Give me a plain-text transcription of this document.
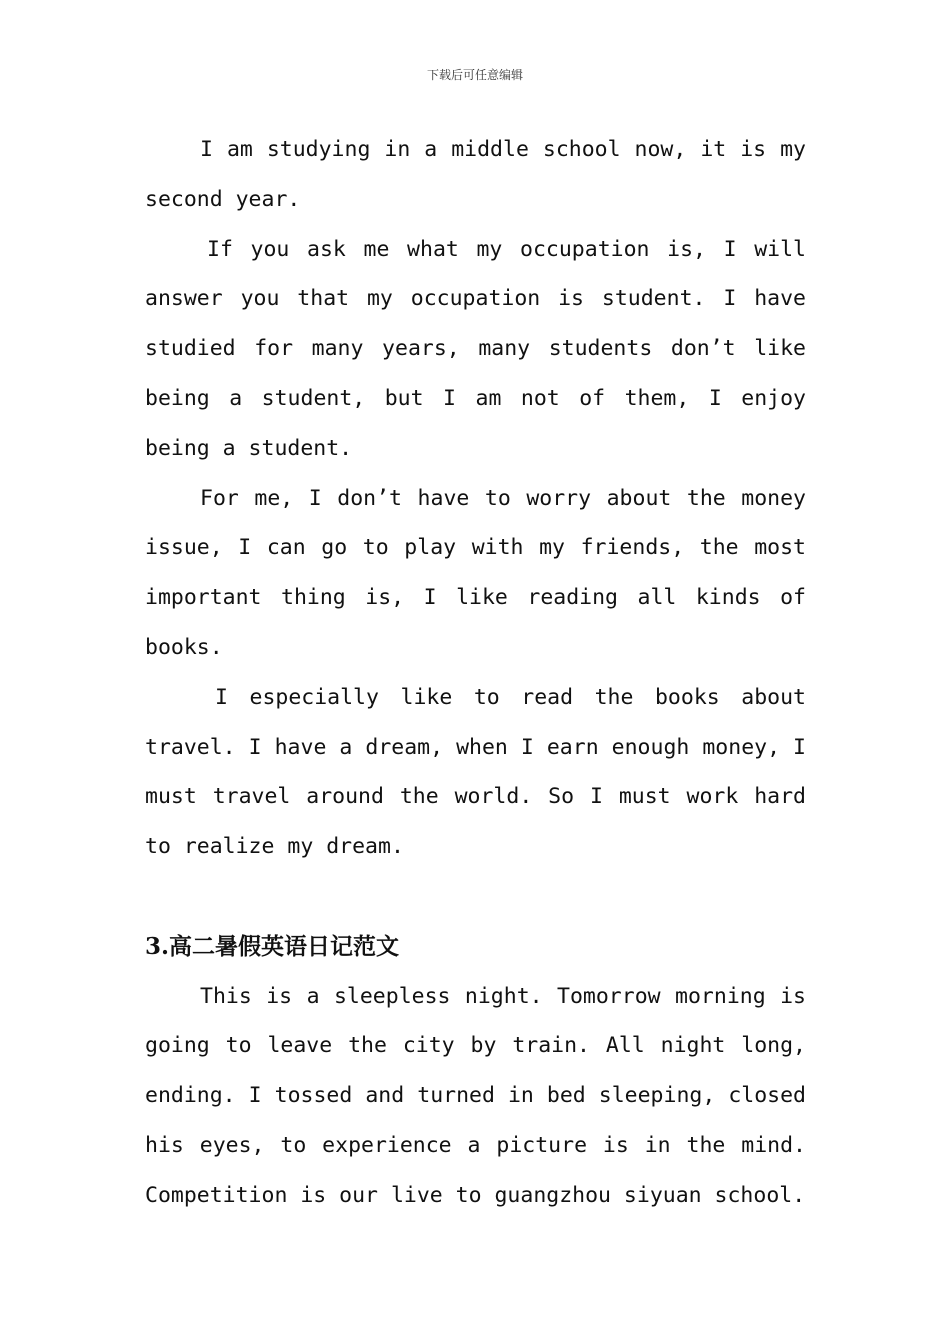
下载后可任意编辑

I am studying in a middle school now, it is my second year.

If you ask me what my occupation is, I will answer you that my occupation is student. I have studied for many years, many students don’t like being a student, but I am not of them, I enjoy being a student.

For me, I don’t have to worry about the money issue, I can go to play with my friends, the most important thing is, I like reading all kinds of books.

I especially like to read the books about travel. I have a dream, when I earn enough money, I must travel around the world. So I must work hard to realize my dream.

3.高二暑假英语日记范文

This is a sleepless night. Tomorrow morning is going to leave the city by train. All night long, ending. I tossed and turned in bed sleeping, closed his eyes, to experience a picture is in the mind. Competition is our live to guangzhou siyuan school.
